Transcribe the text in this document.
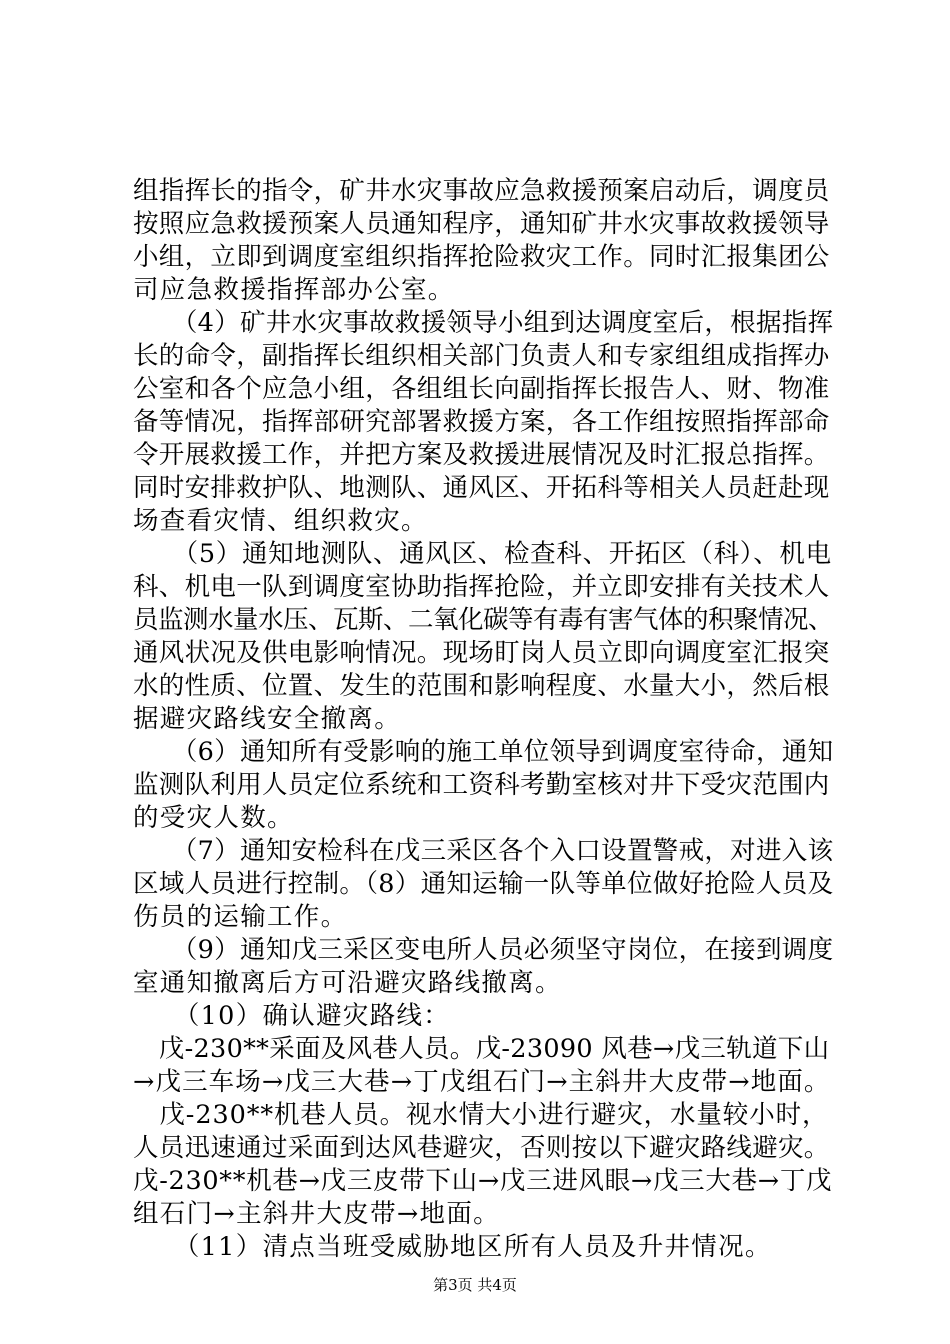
组指挥长的指令，矿井水灾事故应急救援预案启动后，调度员
按照应急救援预案人员通知程序，通知矿井水灾事故救援领导
小组，立即到调度室组织指挥抢险救灾工作。同时汇报集团公
司应急救援指挥部办公室。
　　（4）矿井水灾事故救援领导小组到达调度室后，根据指挥
长的命令，副指挥长组织相关部门负责人和专家组组成指挥办
公室和各个应急小组，各组组长向副指挥长报告人、财、物准
备等情况，指挥部研究部署救援方案，各工作组按照指挥部命
令开展救援工作，并把方案及救援进展情况及时汇报总指挥。
同时安排救护队、地测队、通风区、开拓科等相关人员赶赴现
场查看灾情、组织救灾。
　　（5）通知地测队、通风区、检查科、开拓区（科）、机电
科、机电一队到调度室协助指挥抢险，并立即安排有关技术人
员监测水量水压、瓦斯、二氧化碳等有毒有害气体的积聚情况、
通风状况及供电影响情况。现场盯岗人员立即向调度室汇报突
水的性质、位置、发生的范围和影响程度、水量大小，然后根
据避灾路线安全撤离。
　　（6）通知所有受影响的施工单位领导到调度室待命，通知
监测队利用人员定位系统和工资科考勤室核对井下受灾范围内
的受灾人数。
　　（7）通知安检科在戊三采区各个入口设置警戒，对进入该
区域人员进行控制。（8）通知运输一队等单位做好抢险人员及
伤员的运输工作。
　　（9）通知戊三采区变电所人员必须坚守岗位，在接到调度
室通知撤离后方可沿避灾路线撤离。
　　（10）确认避灾路线：
　戊-230**采面及风巷人员。戊-23090 风巷→戊三轨道下山
→戊三车场→戊三大巷→丁戊组石门→主斜井大皮带→地面。
　戊-230**机巷人员。视水情大小进行避灾，水量较小时，
人员迅速通过采面到达风巷避灾，否则按以下避灾路线避灾。
戊-230**机巷→戊三皮带下山→戊三进风眼→戊三大巷→丁戊
组石门→主斜井大皮带→地面。
　　（11）清点当班受威胁地区所有人员及升井情况。
第3页 共4页
